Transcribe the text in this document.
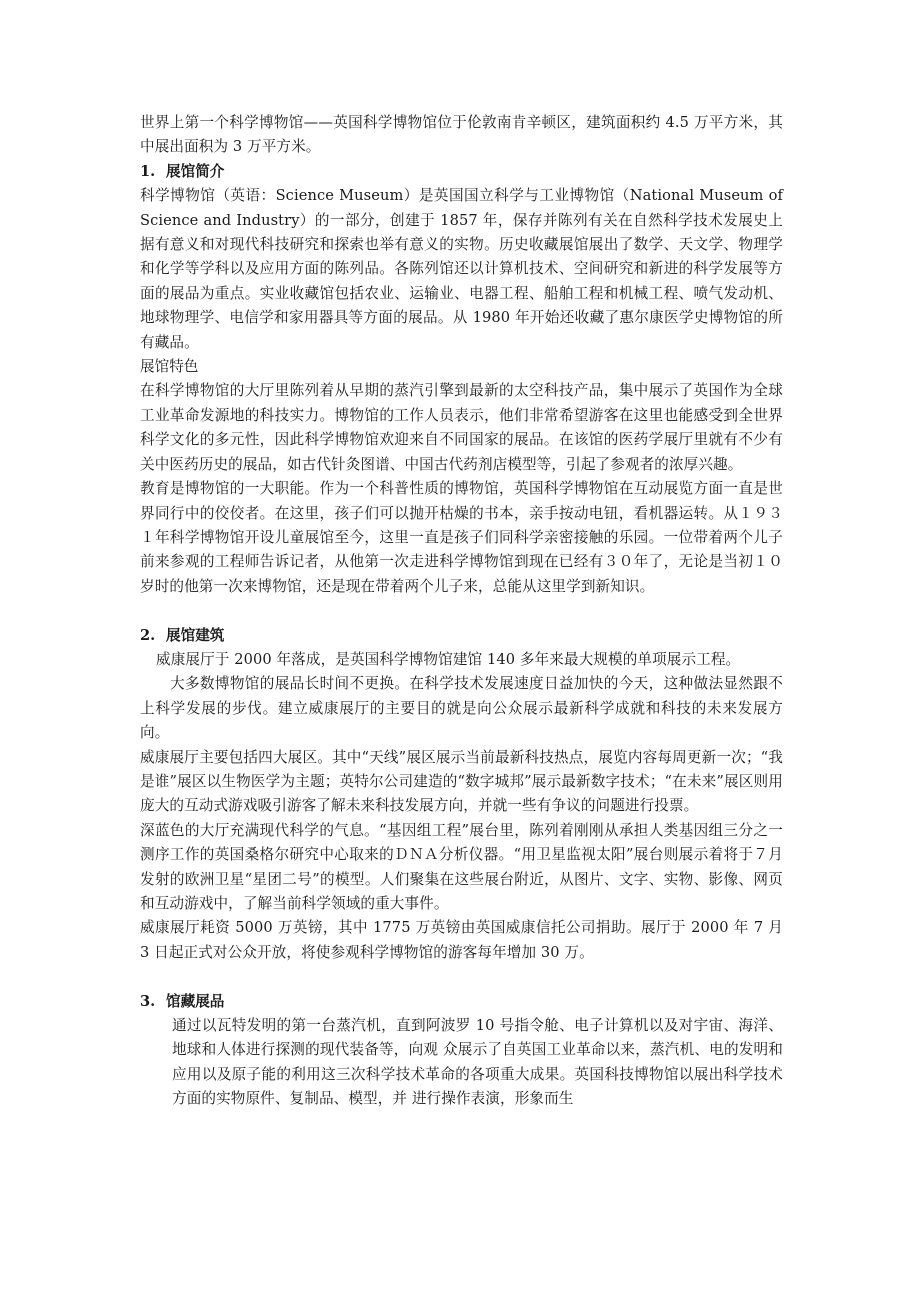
世界上第一个科学博物馆——英国科学博物馆位于伦敦南肯辛顿区，建筑面积约 4.5 万平方米，其中展出面积为 3 万平方米。

1. 展馆简介

科学博物馆（英语：Science Museum）是英国国立科学与工业博物馆（National Museum of Science and Industry）的一部分，创建于 1857 年，保存并陈列有关在自然科学技术发展史上据有意义和对现代科技研究和探索也举有意义的实物。历史收藏展馆展出了数学、天文学、物理学和化学等学科以及应用方面的陈列品。各陈列馆还以计算机技术、空间研究和新进的科学发展等方面的展品为重点。实业收藏馆包括农业、运输业、电器工程、船舶工程和机械工程、喷气发动机、地球物理学、电信学和家用器具等方面的展品。从 1980 年开始还收藏了惠尔康医学史博物馆的所有藏品。

展馆特色

在科学博物馆的大厅里陈列着从早期的蒸汽引擎到最新的太空科技产品，集中展示了英国作为全球工业革命发源地的科技实力。博物馆的工作人员表示，他们非常希望游客在这里也能感受到全世界科学文化的多元性，因此科学博物馆欢迎来自不同国家的展品。在该馆的医药学展厅里就有不少有关中医药历史的展品，如古代针灸图谱、中国古代药剂店模型等，引起了参观者的浓厚兴趣。

教育是博物馆的一大职能。作为一个科普性质的博物馆，英国科学博物馆在互动展览方面一直是世界同行中的佼佼者。在这里，孩子们可以抛开枯燥的书本，亲手按动电钮，看机器运转。从１９３１年科学博物馆开设儿童展馆至今，这里一直是孩子们同科学亲密接触的乐园。一位带着两个儿子前来参观的工程师告诉记者，从他第一次走进科学博物馆到现在已经有３０年了，无论是当初１０岁时的他第一次来博物馆，还是现在带着两个儿子来，总能从这里学到新知识。

2. 展馆建筑

威康展厅于 2000 年落成，是英国科学博物馆建馆 140 多年来最大规模的单项展示工程。

大多数博物馆的展品长时间不更换。在科学技术发展速度日益加快的今天，这种做法显然跟不上科学发展的步伐。建立威康展厅的主要目的就是向公众展示最新科学成就和科技的未来发展方向。

威康展厅主要包括四大展区。其中“天线”展区展示当前最新科技热点，展览内容每周更新一次；“我是谁”展区以生物医学为主题；英特尔公司建造的“数字城邦”展示最新数字技术；“在未来”展区则用庞大的互动式游戏吸引游客了解未来科技发展方向，并就一些有争议的问题进行投票。

深蓝色的大厅充满现代科学的气息。“基因组工程”展台里，陈列着刚刚从承担人类基因组三分之一测序工作的英国桑格尔研究中心取来的ＤＮＡ分析仪器。“用卫星监视太阳”展台则展示着将于７月发射的欧洲卫星“星团二号”的模型。人们聚集在这些展台附近，从图片、文字、实物、影像、网页和互动游戏中，了解当前科学领域的重大事件。

威康展厅耗资 5000 万英镑，其中 1775 万英镑由英国威康信托公司捐助。展厅于 2000 年 7 月 3 日起正式对公众开放，将使参观科学博物馆的游客每年增加 30 万。

3. 馆藏展品

通过以瓦特发明的第一台蒸汽机，直到阿波罗 10 号指令舱、电子计算机以及对宇宙、海洋、地球和人体进行探测的现代装备等，向观 众展示了自英国工业革命以来，蒸汽机、电的发明和应用以及原子能的利用这三次科学技术革命的各项重大成果。英国科技博物馆以展出科学技术方面的实物原件、复制品、模型，并 进行操作表演，形象而生
